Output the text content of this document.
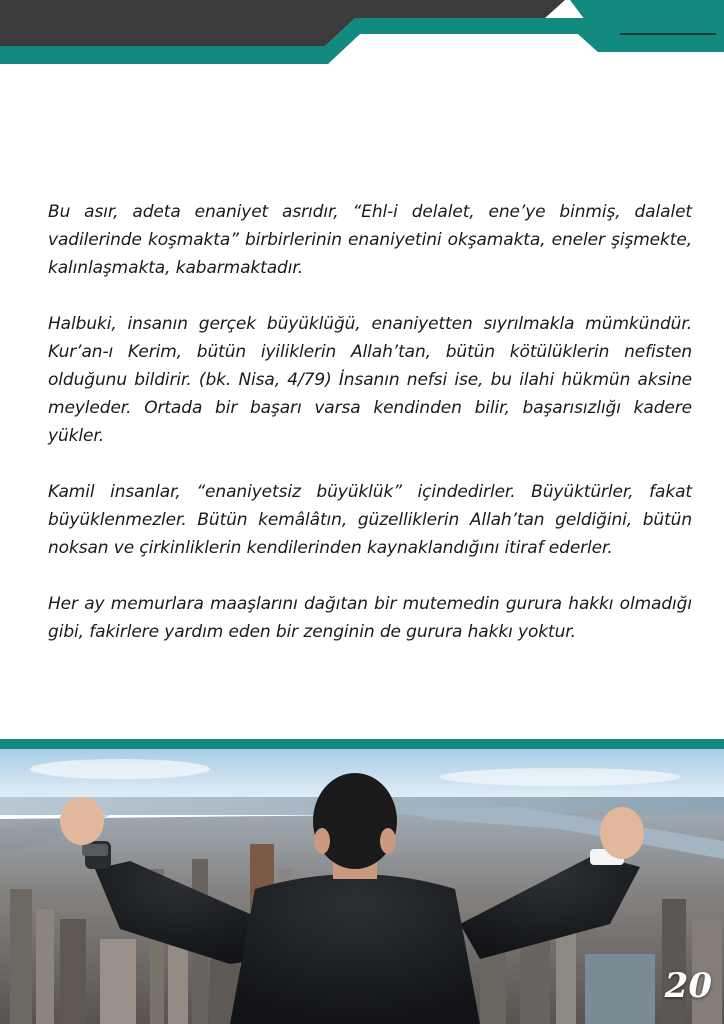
Bu asır, adeta enaniyet asrıdır, “Ehl-i delalet, ene’ye binmiş, dalalet vadilerinde koşmakta” birbirlerinin enaniyetini okşamakta, eneler şişmekte, kalınlaşmakta, kabarmaktadır.

Halbuki, insanın gerçek büyüklüğü, enaniyetten sıyrılmakla mümkündür. Kur’an-ı Kerim, bütün iyiliklerin Allah’tan, bütün kötülüklerin nefisten olduğunu bildirir. (bk. Nisa, 4/79) İnsanın nefsi ise, bu ilahi hükmün aksine meyleder. Ortada bir başarı varsa kendinden bilir, başarısızlığı kadere yükler.

Kamil insanlar, “enaniyetsiz büyüklük” içindedirler. Büyüktürler, fakat büyüklenmezler. Bütün kemâlâtın, güzelliklerin Allah’tan geldiğini, bütün noksan ve çirkinliklerin kendilerinden kaynaklandığını itiraf ederler.

Her ay memurlara maaşlarını dağıtan bir mutemedin gurura hakkı olmadığı gibi, fakirlere yardım eden bir zenginin de gurura hakkı yoktur.

20
